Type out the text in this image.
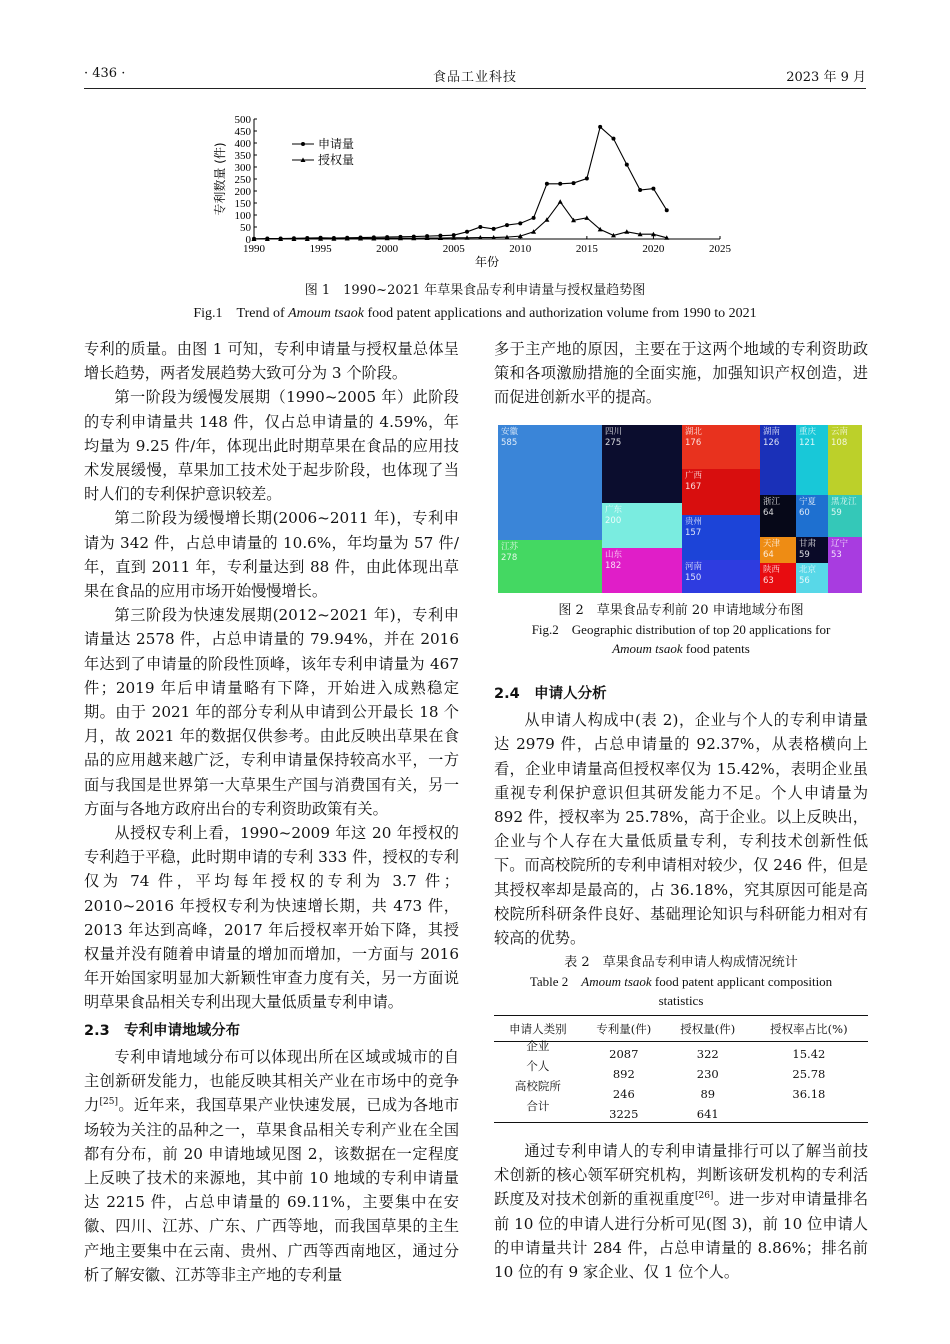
· 436 ·	食品工业科技	2023 年 9 月
0
50
100
150
200
250
300
350
400
450
500
1990	1995	2000	2005	2010	2015	2020	2025
年份
专利数量 (件)	申请量
授权量
图 1　1990~2021 年草果食品专利申请量与授权量趋势图
Fig.1　Trend of Amoum tsaok food patent applications and authorization volume from 1990 to 2021

专利的质量。由图 1 可知，专利申请量与授权量总体呈增长趋势，两者发展趋势大致可分为 3 个阶段。

第一阶段为缓慢发展期（1990~2005 年）此阶段的专利申请量共 148 件，仅占总申请量的 4.59%，年均量为 9.25 件/年，体现出此时期草果在食品的应用技术发展缓慢，草果加工技术处于起步阶段，也体现了当时人们的专利保护意识较差。

第二阶段为缓慢增长期(2006~2011 年)，专利申请为 342 件，占总申请量的 10.6%，年均量为 57 件/年，直到 2011 年，专利量达到 88 件，由此体现出草果在食品的应用市场开始慢慢增长。

第三阶段为快速发展期(2012~2021 年)，专利申请量达 2578 件，占总申请量的 79.94%，并在 2016 年达到了申请量的阶段性顶峰，该年专利申请量为 467 件；2019 年后申请量略有下降，开始进入成熟稳定期。由于 2021 年的部分专利从申请到公开最长 18 个月，故 2021 年的数据仅供参考。由此反映出草果在食品的应用越来越广泛，专利申请量保持较高水平，一方面与我国是世界第一大草果生产国与消费国有关，另一方面与各地方政府出台的专利资助政策有关。

从授权专利上看，1990~2009 年这 20 年授权的专利趋于平稳，此时期申请的专利 333 件，授权的专利仅为 74 件，平均每年授权的专利为 3.7 件；2010~2016 年授权专利为快速增长期，共 473 件，2013 年达到高峰，2017 年后授权率开始下降，其授权量并没有随着申请量的增加而增加，一方面与 2016 年开始国家明显加大新颖性审查力度有关，另一方面说明草果食品相关专利出现大量低质量专利申请。

2.3　专利申请地域分布

专利申请地域分布可以体现出所在区域或城市的自主创新研发能力，也能反映其相关产业在市场中的竞争力[25]。近年来，我国草果产业快速发展，已成为各地市场较为关注的品种之一，草果食品相关专利产业在全国都有分布，前 20 申请地域见图 2，该数据在一定程度上反映了技术的来源地，其中前 10 地域的专利申请量达 2215 件，占总申请量的 69.11%，主要集中在安徽、四川、江苏、广东、广西等地，而我国草果的主生产地主要集中在云南、贵州、广西等西南地区，通过分析了解安徽、江苏等非主产地的专利量

多于主产地的原因，主要在于这两个地域的专利资助政策和各项激励措施的全面实施，加强知识产权创造，进而促进创新水平的提高。

安徽
585
四川
275
湖北
176
湖南
126
重庆
121
云南
108
广西
167
广东
200	贵州
157
浙江
64
宁夏
60
黑龙江
59
天津
64
甘肃
59
辽宁
53
江苏
278	山东
182	河南
150
陕西
63
北京
56
图 2　草果食品专利前 20 申请地域分布图
Fig.2　Geographic distribution of top 20 applications for
Amoum tsaok food patents
2.4　申请人分析

从申请人构成中(表 2)，企业与个人的专利申请量达 2979 件，占总申请量的 92.37%，从表格横向上看，企业申请量高但授权率仅为 15.42%，表明企业虽重视专利保护意识但其研发能力不足。个人申请量为 892 件，授权率为 25.78%，高于企业。以上反映出，企业与个人存在大量低质量专利，专利技术创新性低下。而高校院所的专利申请相对较少，仅 246 件，但是其授权率却是最高的，占 36.18%，究其原因可能是高校院所科研条件良好、基础理论知识与科研能力相对有较高的优势。

表 2　草果食品专利申请人构成情况统计
Table 2　Amoum tsaok food patent applicant composition
statistics
申请人类别	专利量(件)	授权量(件)	授权率占比(%)
企业	2087	322	15.42
个人	892	230	25.78
高校院所	246	89	36.18
合计	3225	641	

通过专利申请人的专利申请量排行可以了解当前技术创新的核心领军研究机构，判断该研发机构的专利活跃度及对技术创新的重视重度[26]。进一步对申请量排名前 10 位的申请人进行分析可见(图 3)，前 10 位申请人的申请量共计 284 件，占总申请量的 8.86%；排名前 10 位的有 9 家企业、仅 1 位个人。
